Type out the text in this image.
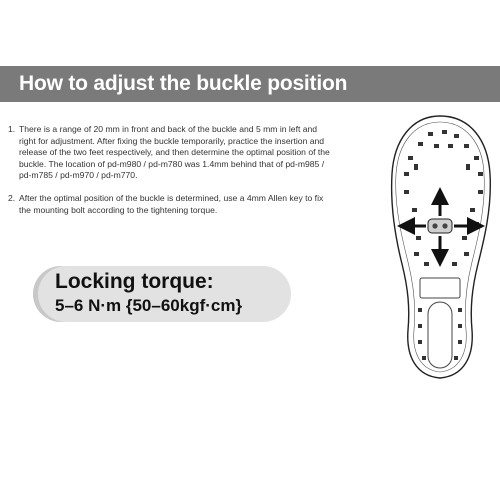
How to adjust the buckle position
1. There is a range of 20 mm in front and back of the buckle and 5 mm in left and right for adjustment. After fixing the buckle temporarily, practice the insertion and release of the two feet respectively, and then determine the optimal position of the buckle. The location of pd-m980 / pd-m780 was 1.4mm behind that of pd-m985 / pd-m785 / pd-m970 / pd-m770.
2. After the optimal position of the buckle is determined, use a 4mm Allen key to fix the mounting bolt according to the tightening torque.
Locking torque:
5–6 N·m {50–60kgf·cm}
